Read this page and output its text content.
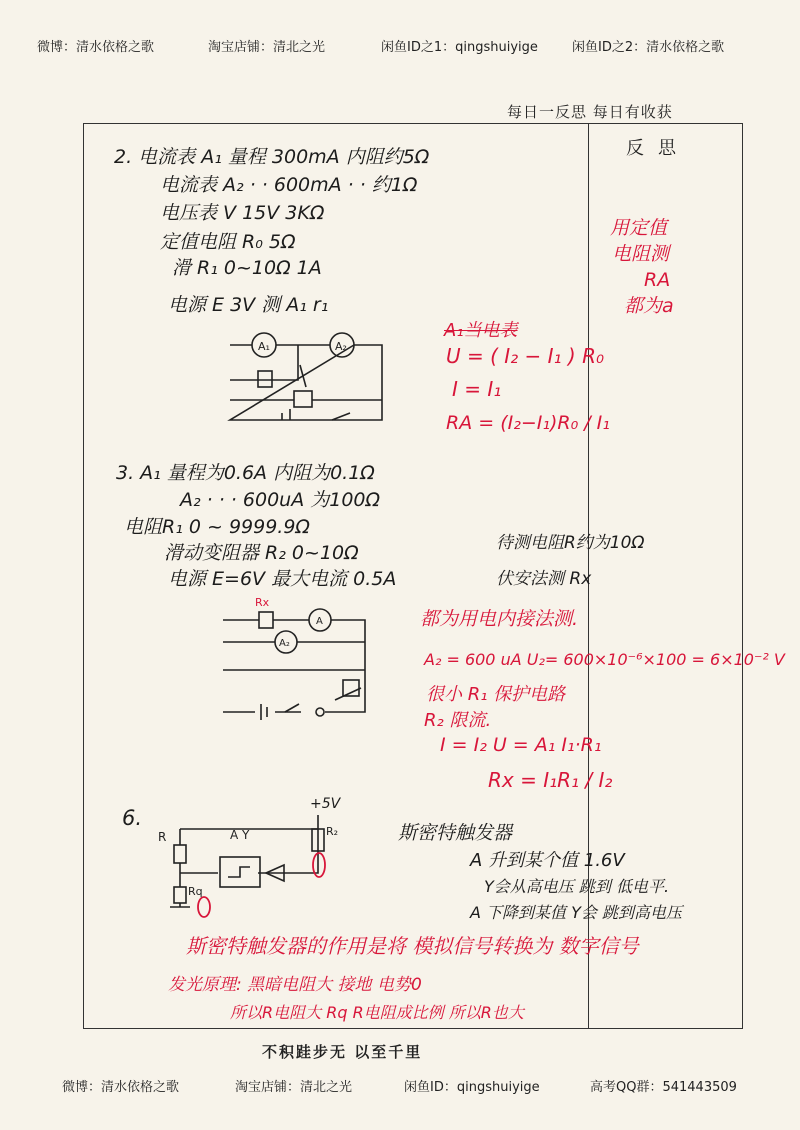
微博：清水依格之歌	淘宝店铺：清北之光	闲鱼ID之1：qingshuiyige	闲鱼ID之2：清水依格之歌
每日一反思 每日有收获
反思
用定值
电阻测
RA
都为a
2. 电流表 A₁ 量程 300mA 内阻约5Ω
电流表 A₂ · · 600mA · · 约1Ω
电压表 V 15V 3KΩ
定值电阻 R₀ 5Ω
滑 R₁ 0~10Ω 1A
电源 E 3V 测 A₁ r₁
A₁	A₂
A₁当电表
U = ( I₂ − I₁ ) R₀
I = I₁
RA = (I₂−I₁)R₀ / I₁
3. A₁ 量程为0.6A 内阻为0.1Ω
A₂ · · · 600uA 为100Ω
电阻R₁ 0 ~ 9999.9Ω
滑动变阻器 R₂ 0~10Ω
电源 E=6V 最大电流 0.5A
待测电阻R约为10Ω
伏安法测 Rx
Rx
A
A₂
都为用电内接法测.
A₂ = 600 uA U₂= 600×10⁻⁶×100 = 6×10⁻² V
很小 R₁ 保护电路
R₂ 限流.
I = I₂ U = A₁ I₁·R₁
Rx = I₁R₁ / I₂
6.
+5V
R	R₂
Rq
A Y	斯密特触发器
A 升到某个值 1.6V
Y会从高电压 跳到 低电平.
A 下降到某值 Y会 跳到高电压
斯密特触发器的作用是将 模拟信号转换为 数字信号
发光原理: 黑暗电阻大 接地 电势0
所以R电阻大 Rq R电阻成比例 所以R也大
不积跬步无 以至千里
微博：清水依格之歌	淘宝店铺：清北之光	闲鱼ID：qingshuiyige	高考QQ群：541443509
